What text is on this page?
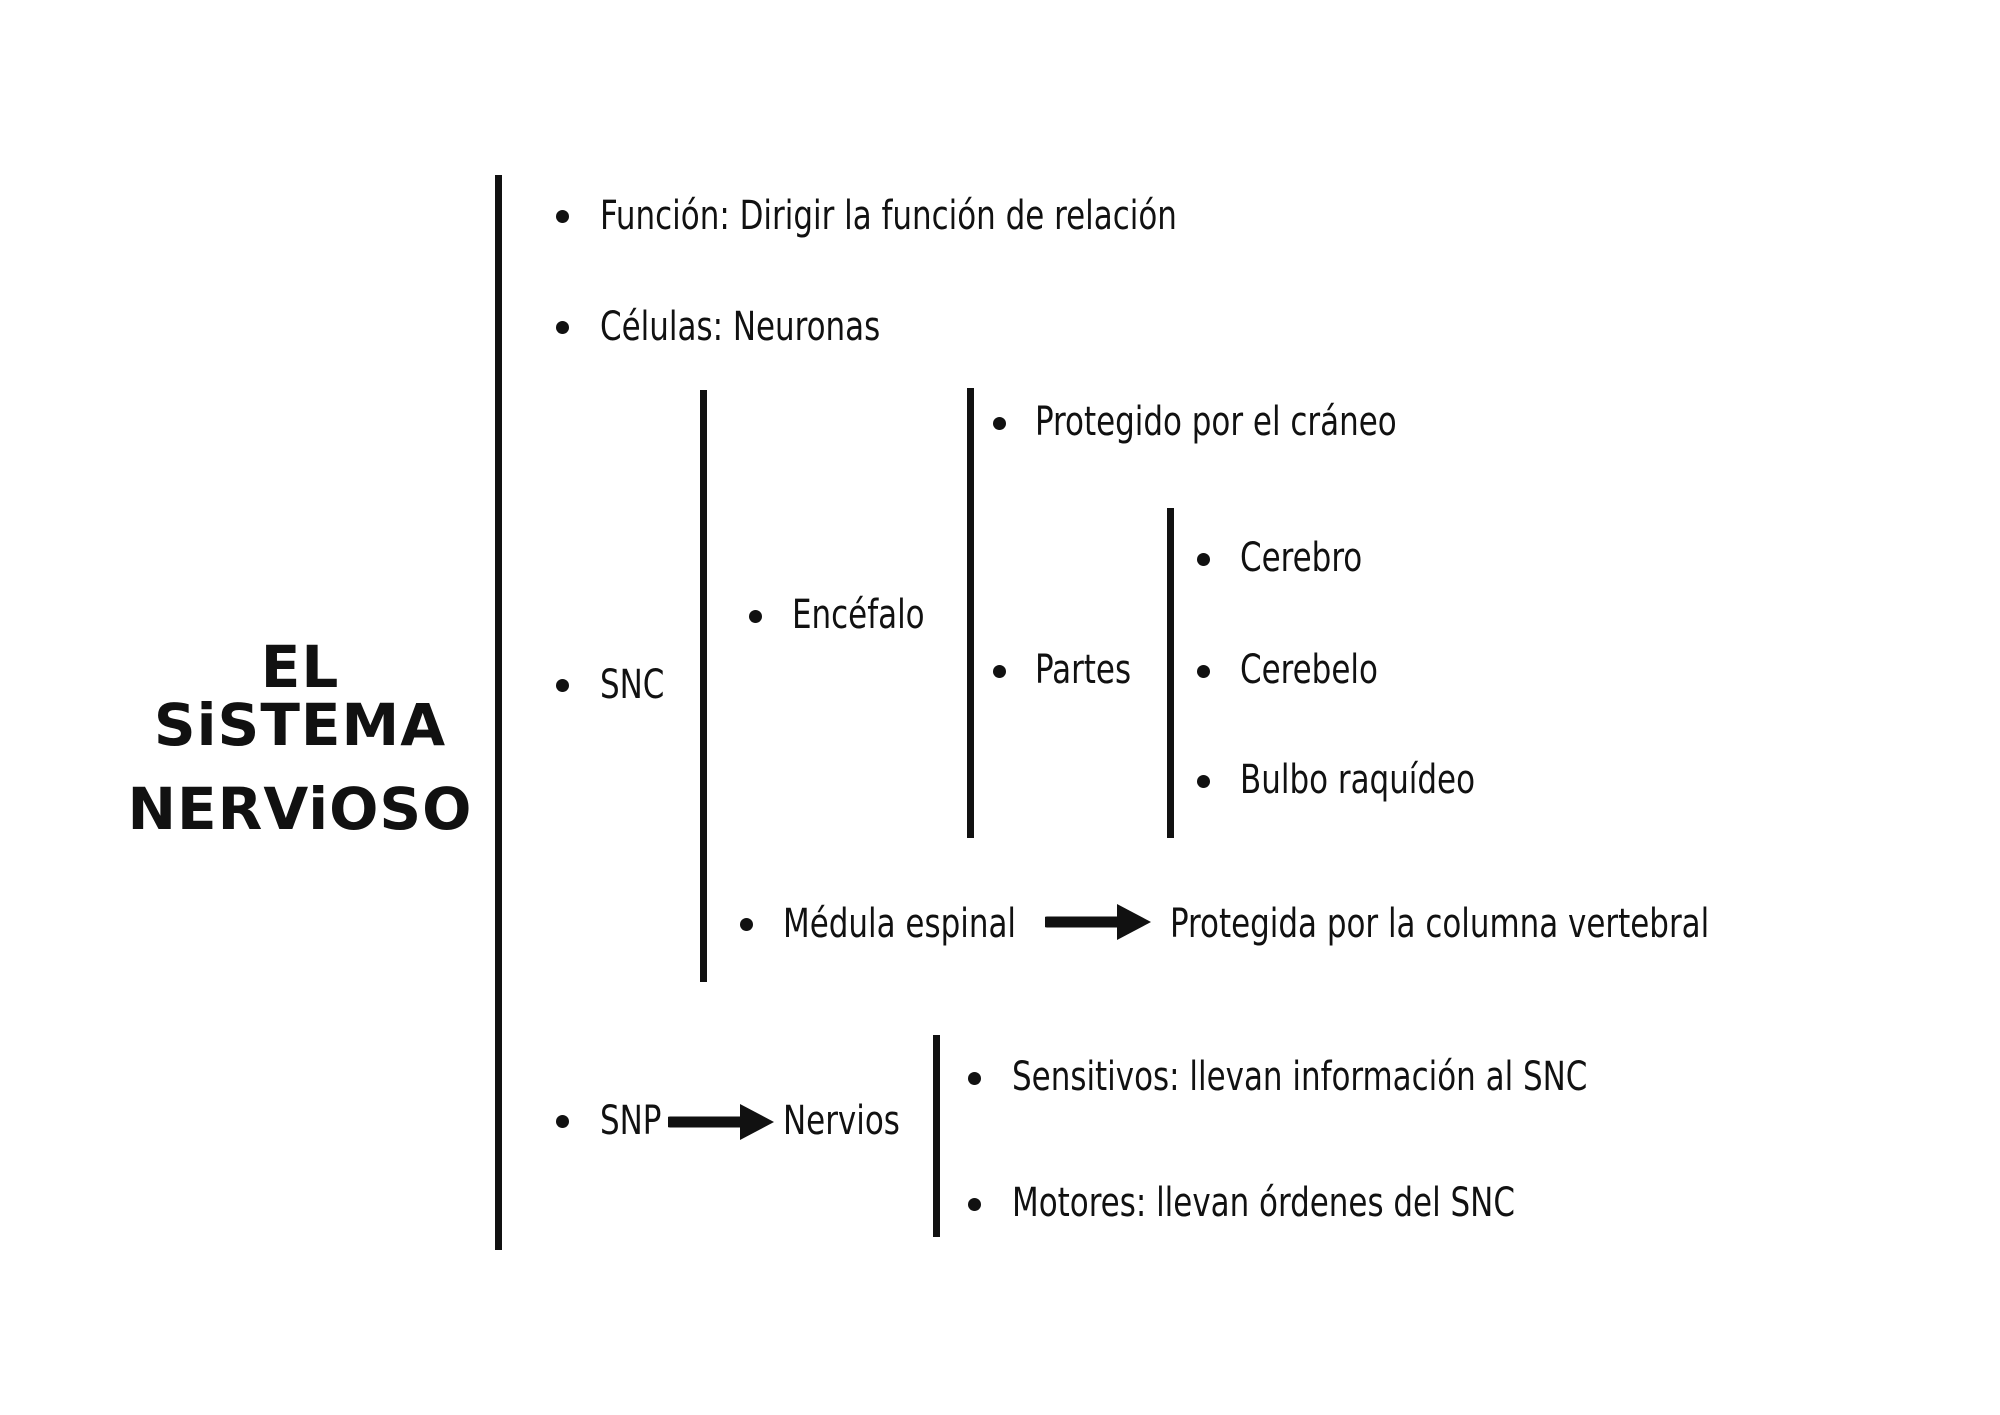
EL SiSTEMA
NERViOSO
Función: Dirigir la función de relación
Células: Neuronas
SNC
SNP
Encéfalo
Médula espinal	Protegida por la columna vertebral
Protegido por el cráneo
Partes
Cerebro
Cerebelo
Bulbo raquídeo
Nervios
Sensitivos: llevan información al SNC
Motores: llevan órdenes del SNC
